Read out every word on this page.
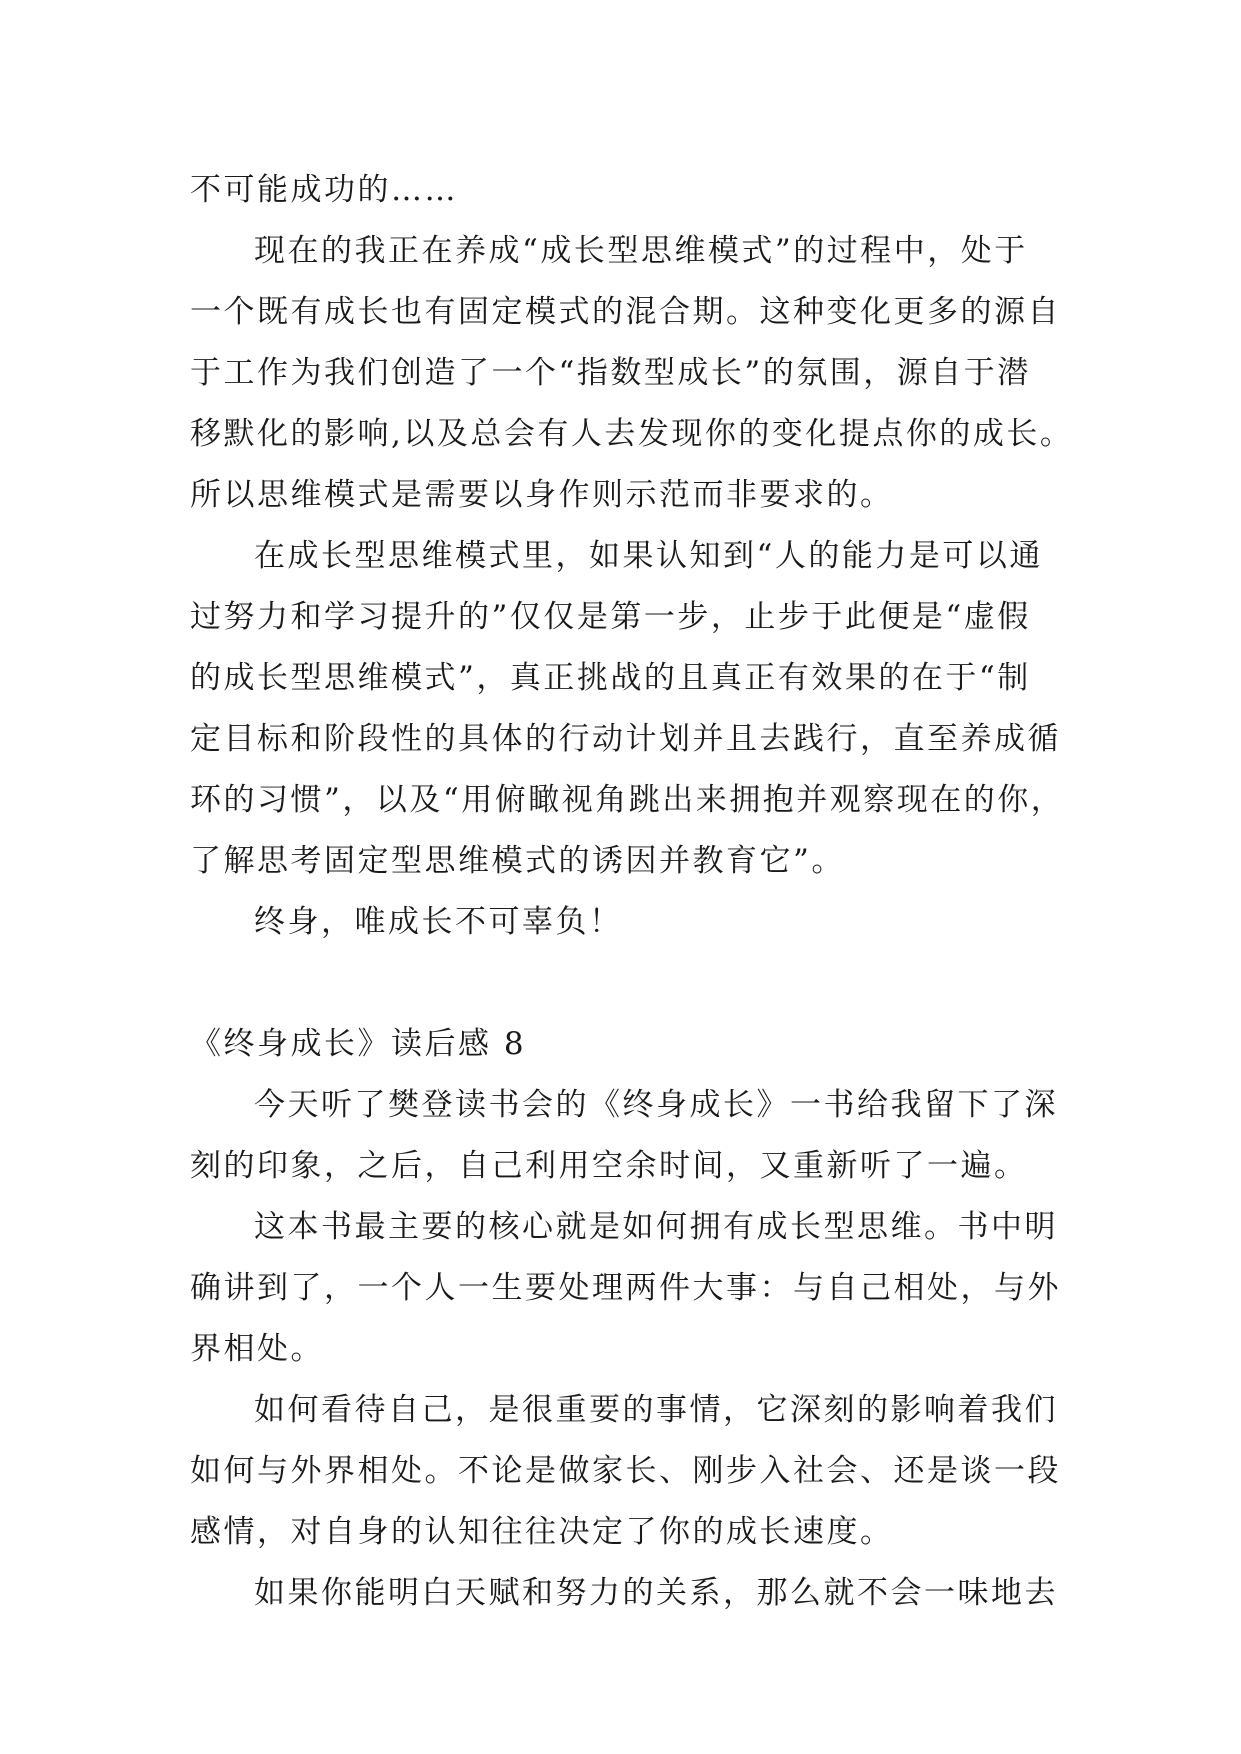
不可能成功的……
现在的我正在养成“成长型思维模式”的过程中，处于
一个既有成长也有固定模式的混合期。这种变化更多的源自
于工作为我们创造了一个“指数型成长”的氛围，源自于潜
移默化的影响,以及总会有人去发现你的变化提点你的成长。
所以思维模式是需要以身作则示范而非要求的。
在成长型思维模式里，如果认知到“人的能力是可以通
过努力和学习提升的”仅仅是第一步，止步于此便是“虚假
的成长型思维模式”，真正挑战的且真正有效果的在于“制
定目标和阶段性的具体的行动计划并且去践行，直至养成循
环的习惯”，以及“用俯瞰视角跳出来拥抱并观察现在的你，
了解思考固定型思维模式的诱因并教育它”。
终身，唯成长不可辜负！
《终身成长》读后感 8
今天听了樊登读书会的《终身成长》一书给我留下了深
刻的印象，之后，自己利用空余时间，又重新听了一遍。
这本书最主要的核心就是如何拥有成长型思维。书中明
确讲到了，一个人一生要处理两件大事：与自己相处，与外
界相处。
如何看待自己，是很重要的事情，它深刻的影响着我们
如何与外界相处。不论是做家长、刚步入社会、还是谈一段
感情，对自身的认知往往决定了你的成长速度。
如果你能明白天赋和努力的关系，那么就不会一味地去
